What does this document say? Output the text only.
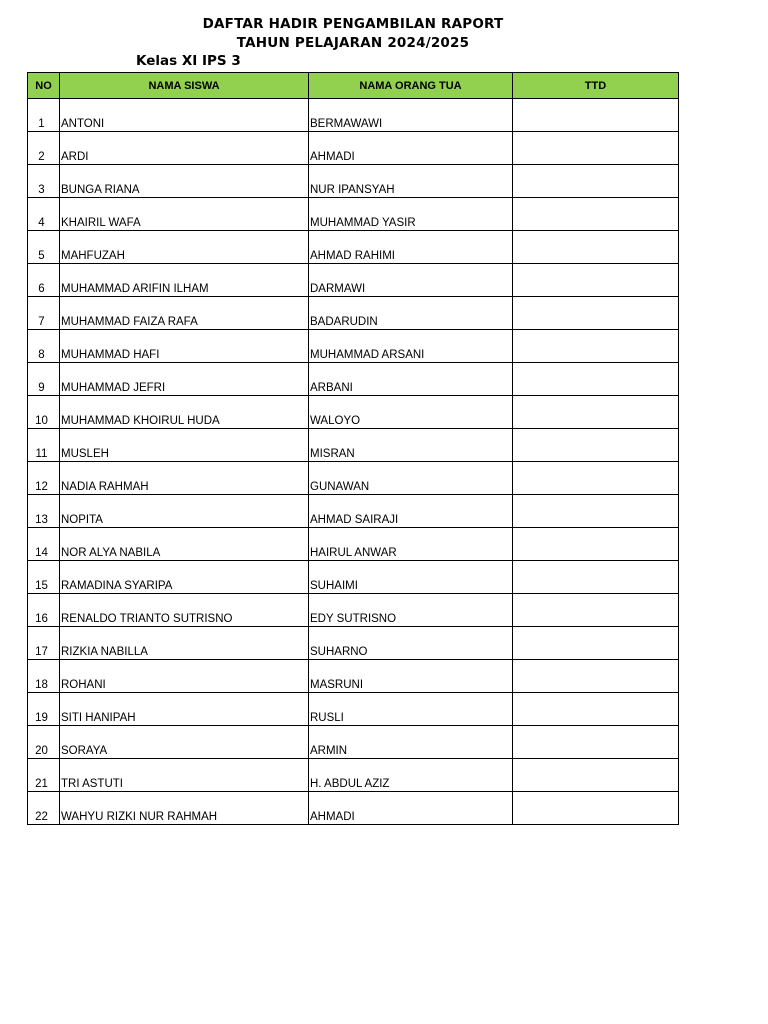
DAFTAR HADIR PENGAMBILAN RAPORT
TAHUN PELAJARAN 2024/2025
Kelas XI IPS 3
NO	NAMA SISWA	NAMA ORANG TUA	TTD
1	ANTONI	BERMAWAWI	
2	ARDI	AHMADI	
3	BUNGA RIANA	NUR IPANSYAH	
4	KHAIRIL WAFA	MUHAMMAD YASIR	
5	MAHFUZAH	AHMAD RAHIMI	
6	MUHAMMAD ARIFIN ILHAM	DARMAWI	
7	MUHAMMAD FAIZA RAFA	BADARUDIN	
8	MUHAMMAD HAFI	MUHAMMAD ARSANI	
9	MUHAMMAD JEFRI	ARBANI	
10	MUHAMMAD KHOIRUL HUDA	WALOYO	
11	MUSLEH	MISRAN	
12	NADIA RAHMAH	GUNAWAN	
13	NOPITA	AHMAD SAIRAJI	
14	NOR ALYA NABILA	HAIRUL ANWAR	
15	RAMADINA SYARIPA	SUHAIMI	
16	RENALDO TRIANTO SUTRISNO	EDY SUTRISNO	
17	RIZKIA NABILLA	SUHARNO	
18	ROHANI	MASRUNI	
19	SITI HANIPAH	RUSLI	
20	SORAYA	ARMIN	
21	TRI ASTUTI	H. ABDUL AZIZ	
22	WAHYU RIZKI NUR RAHMAH	AHMADI	
